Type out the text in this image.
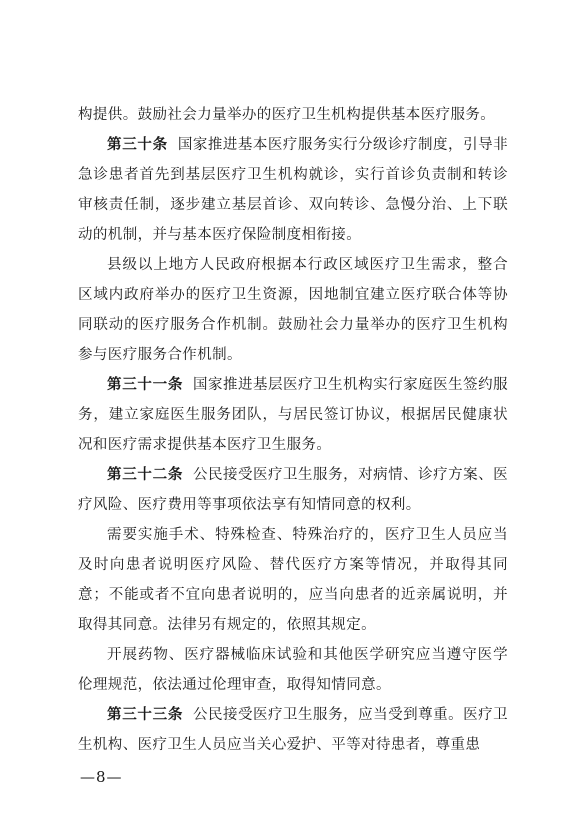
构提供。鼓励社会力量举办的医疗卫生机构提供基本医疗服务。

第三十条 国家推进基本医疗服务实行分级诊疗制度，引导非急诊患者首先到基层医疗卫生机构就诊，实行首诊负责制和转诊审核责任制，逐步建立基层首诊、双向转诊、急慢分治、上下联动的机制，并与基本医疗保险制度相衔接。

县级以上地方人民政府根据本行政区域医疗卫生需求，整合区域内政府举办的医疗卫生资源，因地制宜建立医疗联合体等协同联动的医疗服务合作机制。鼓励社会力量举办的医疗卫生机构参与医疗服务合作机制。

第三十一条 国家推进基层医疗卫生机构实行家庭医生签约服务，建立家庭医生服务团队，与居民签订协议，根据居民健康状况和医疗需求提供基本医疗卫生服务。

第三十二条 公民接受医疗卫生服务，对病情、诊疗方案、医疗风险、医疗费用等事项依法享有知情同意的权利。

需要实施手术、特殊检查、特殊治疗的，医疗卫生人员应当及时向患者说明医疗风险、替代医疗方案等情况，并取得其同意；不能或者不宜向患者说明的，应当向患者的近亲属说明，并取得其同意。法律另有规定的，依照其规定。

开展药物、医疗器械临床试验和其他医学研究应当遵守医学伦理规范，依法通过伦理审查，取得知情同意。

第三十三条 公民接受医疗卫生服务，应当受到尊重。医疗卫生机构、医疗卫生人员应当关心爱护、平等对待患者，尊重患

—8—
